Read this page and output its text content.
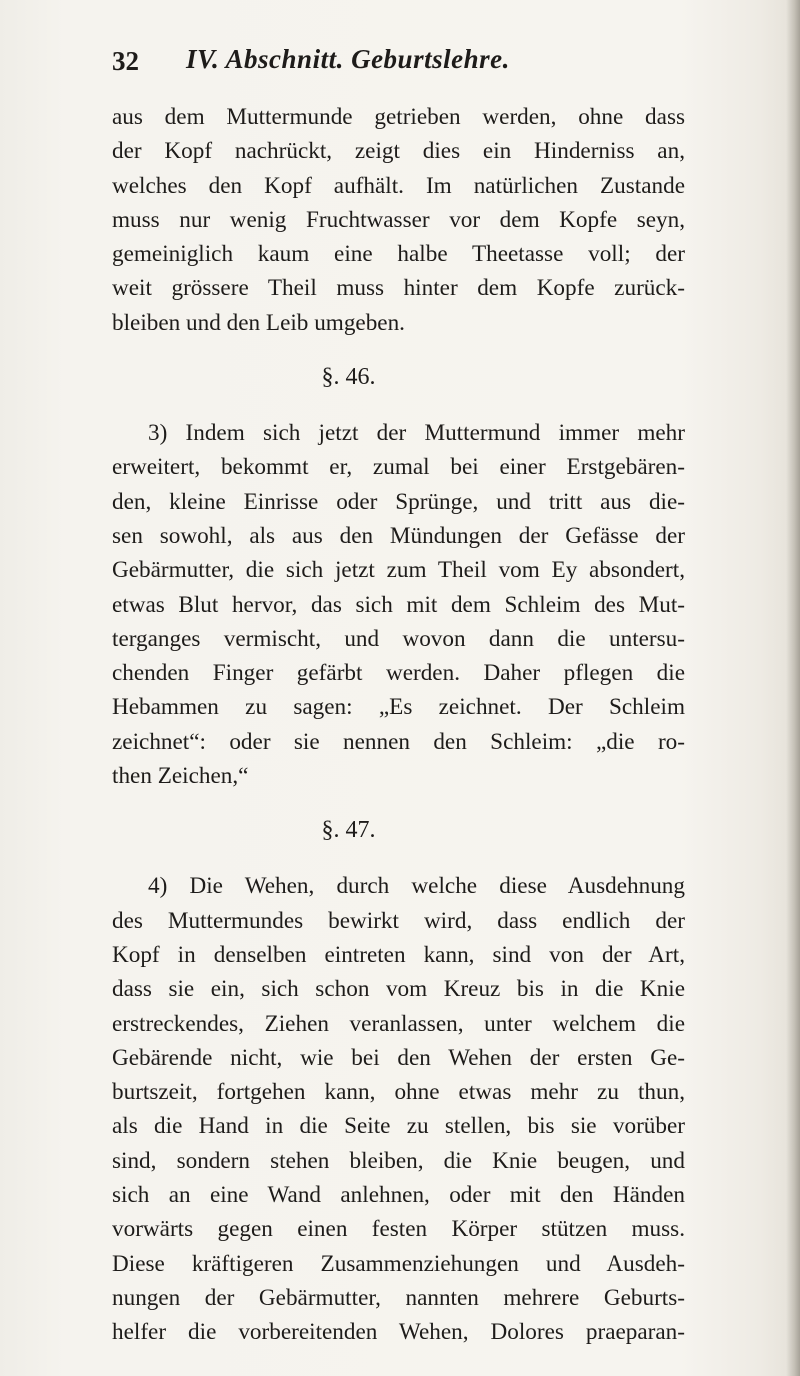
32 IV. Abschnitt. Geburtslehre.
aus dem Muttermunde getrieben werden, ohne dass
der Kopf nachrückt, zeigt dies ein Hinderniss an,
welches den Kopf aufhält. Im natürlichen Zustande
muss nur wenig Fruchtwasser vor dem Kopfe seyn,
gemeiniglich kaum eine halbe Theetasse voll; der
weit grössere Theil muss hinter dem Kopfe zurück-
bleiben und den Leib umgeben.
§. 46.
3) Indem sich jetzt der Muttermund immer mehr
erweitert, bekommt er, zumal bei einer Erstgebären-
den, kleine Einrisse oder Sprünge, und tritt aus die-
sen sowohl, als aus den Mündungen der Gefässe der
Gebärmutter, die sich jetzt zum Theil vom Ey absondert,
etwas Blut hervor, das sich mit dem Schleim des Mut-
terganges vermischt, und wovon dann die untersu-
chenden Finger gefärbt werden. Daher pflegen die
Hebammen zu sagen: „Es zeichnet. Der Schleim
zeichnet“: oder sie nennen den Schleim: „die ro-
then Zeichen,“
§. 47.
4) Die Wehen, durch welche diese Ausdehnung
des Muttermundes bewirkt wird, dass endlich der
Kopf in denselben eintreten kann, sind von der Art,
dass sie ein, sich schon vom Kreuz bis in die Knie
erstreckendes, Ziehen veranlassen, unter welchem die
Gebärende nicht, wie bei den Wehen der ersten Ge-
burtszeit, fortgehen kann, ohne etwas mehr zu thun,
als die Hand in die Seite zu stellen, bis sie vorüber
sind, sondern stehen bleiben, die Knie beugen, und
sich an eine Wand anlehnen, oder mit den Händen
vorwärts gegen einen festen Körper stützen muss.
Diese kräftigeren Zusammenziehungen und Ausdeh-
nungen der Gebärmutter, nannten mehrere Geburts-
helfer die vorbereitenden Wehen, Dolores praeparan-
